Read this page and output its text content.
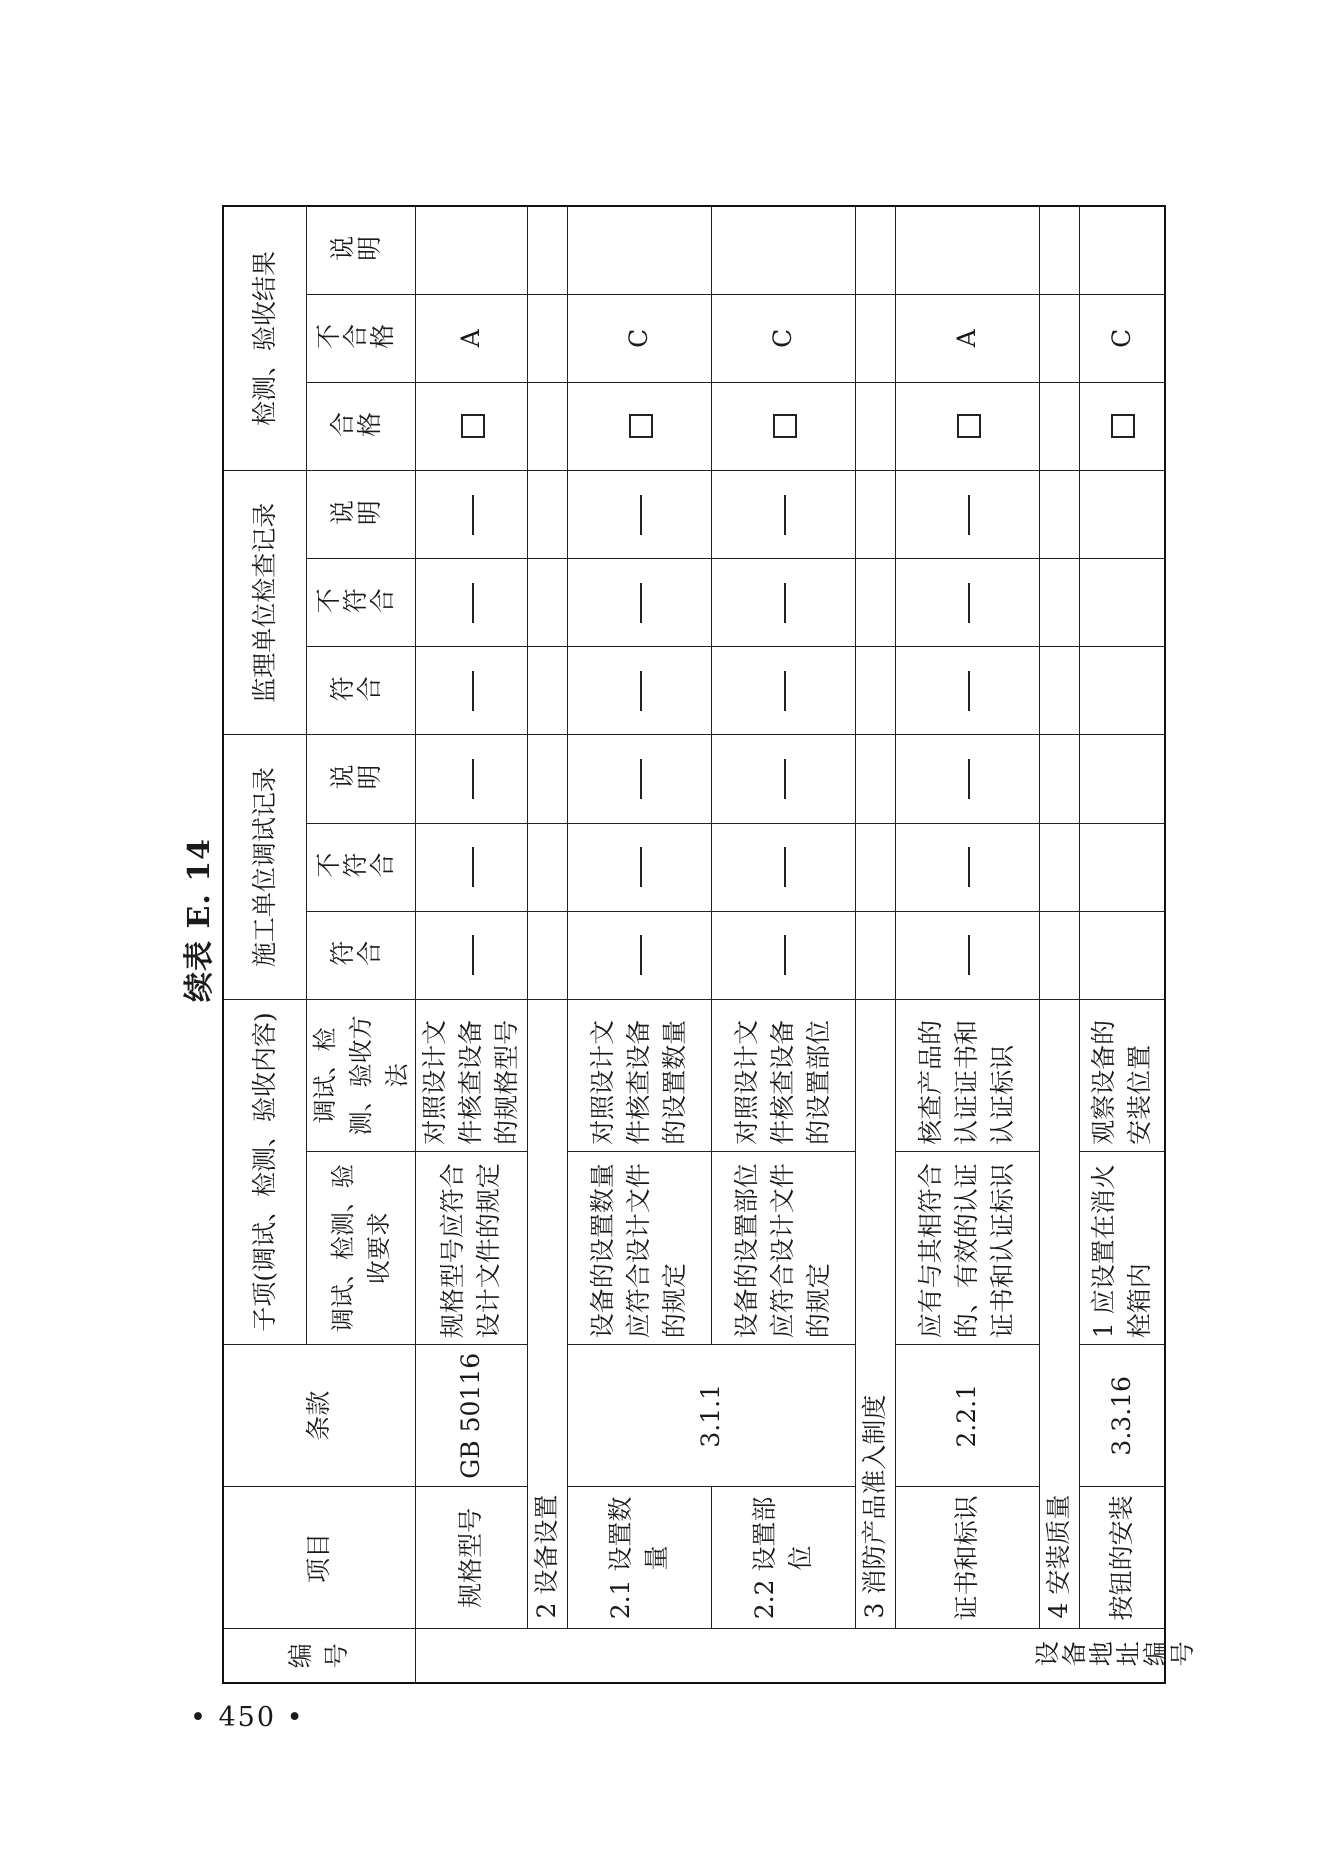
续表 E. 14
• 450 •
编号	项目	条款	子项(调试、检测、验收内容)		施工单位调试记录			监理单位检查记录			检测、验收结果		
			调试、检测、验收要求	调试、检测、验收方法	符合	不符合	说明	符合	不符合	说明	合格	不合格	说明
设备地址编号	规格型号	GB 50116	规格型号应符合设计文件的规定	对照设计文件核查设备的规格型号								A	
	2 设备设置												
	2.1 设置数量	3.1.1	设备的设置数量应符合设计文件的规定	对照设计文件核查设备的设置数量								C	
	2.2 设置部位		设备的设置部位应符合设计文件的规定	对照设计文件核查设备的设置部位								C	
	3 消防产品准入制度												
	证书和标识	2.2.1	应有与其相符合的、有效的认证证书和认证标识	核查产品的认证证书和认证标识								A	
	4 安装质量												
	按钮的安装	3.3.16	1 应设置在消火栓箱内	观察设备的安装位置								C	
